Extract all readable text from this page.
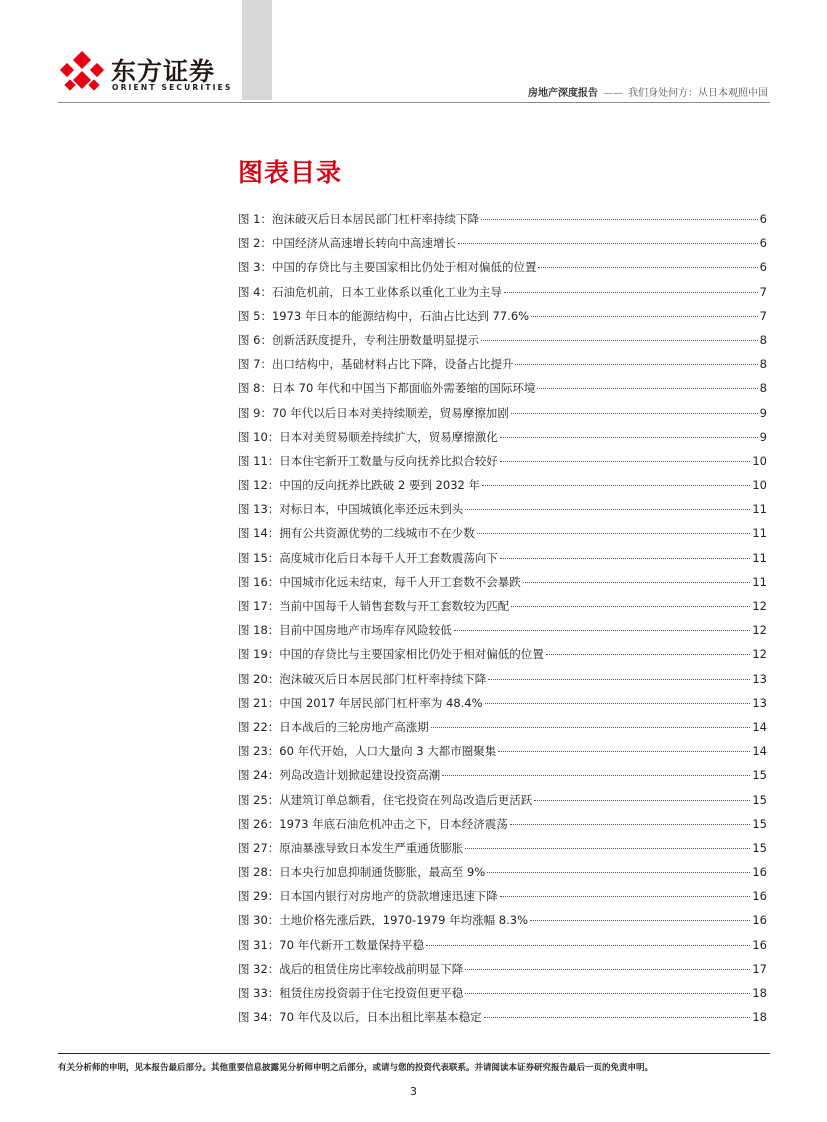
东方证券
ORIENT SECURITIES
房地产深度报告 —— 我们身处何方：从日本观照中国
图表目录
图 1：泡沫破灭后日本居民部门杠杆率持续下降	6
图 2：中国经济从高速增长转向中高速增长	6
图 3：中国的存贷比与主要国家相比仍处于相对偏低的位置	6
图 4：石油危机前，日本工业体系以重化工业为主导	7
图 5：1973 年日本的能源结构中，石油占比达到 77.6%	7
图 6：创新活跃度提升，专利注册数量明显提示	8
图 7：出口结构中，基础材料占比下降，设备占比提升	8
图 8：日本 70 年代和中国当下都面临外需萎缩的国际环境	8
图 9：70 年代以后日本对美持续顺差，贸易摩擦加剧	9
图 10：日本对美贸易顺差持续扩大，贸易摩擦激化	9
图 11：日本住宅新开工数量与反向抚养比拟合较好	10
图 12：中国的反向抚养比跌破 2 要到 2032 年	10
图 13：对标日本，中国城镇化率还远未到头	11
图 14：拥有公共资源优势的二线城市不在少数	11
图 15：高度城市化后日本每千人开工套数震荡向下	11
图 16：中国城市化远未结束，每千人开工套数不会暴跌	11
图 17：当前中国每千人销售套数与开工套数较为匹配	12
图 18：目前中国房地产市场库存风险较低	12
图 19：中国的存贷比与主要国家相比仍处于相对偏低的位置	12
图 20：泡沫破灭后日本居民部门杠杆率持续下降	13
图 21：中国 2017 年居民部门杠杆率为 48.4%	13
图 22：日本战后的三轮房地产高涨期	14
图 23：60 年代开始，人口大量向 3 大都市圈聚集	14
图 24：列岛改造计划掀起建设投资高潮	15
图 25：从建筑订单总额看，住宅投资在列岛改造后更活跃	15
图 26：1973 年底石油危机冲击之下，日本经济震荡	15
图 27：原油暴涨导致日本发生严重通货膨胀	15
图 28：日本央行加息抑制通货膨胀，最高至 9%	16
图 29：日本国内银行对房地产的贷款增速迅速下降	16
图 30：土地价格先涨后跌，1970-1979 年均涨幅 8.3%	16
图 31：70 年代新开工数量保持平稳	16
图 32：战后的租赁住房比率较战前明显下降	17
图 33：租赁住房投资弱于住宅投资但更平稳	18
图 34：70 年代及以后，日本出租比率基本稳定	18
有关分析师的申明，见本报告最后部分。其他重要信息披露见分析师申明之后部分，或请与您的投资代表联系。并请阅读本证券研究报告最后一页的免责申明。
3
